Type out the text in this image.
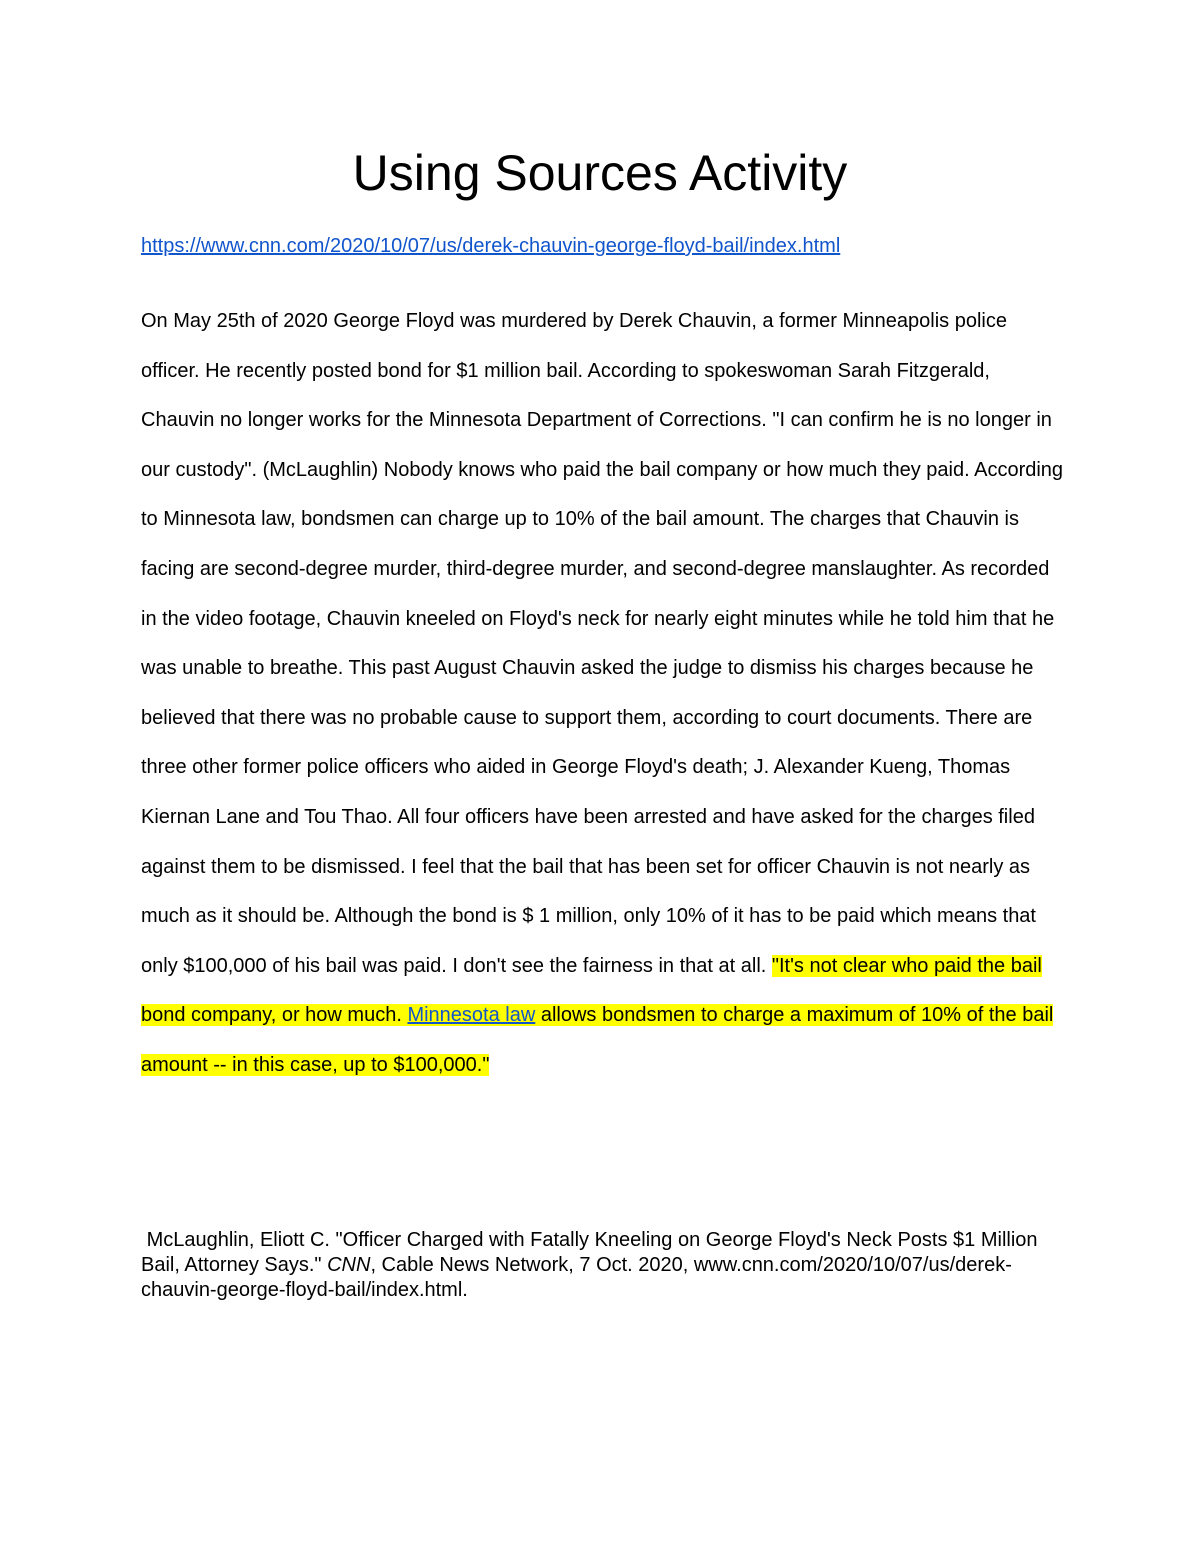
Using Sources Activity
https://www.cnn.com/2020/10/07/us/derek-chauvin-george-floyd-bail/index.html

On May 25th of 2020 George Floyd was murdered by Derek Chauvin, a former Minneapolis police officer. He recently posted bond for $1 million bail. According to spokeswoman Sarah Fitzgerald, Chauvin no longer works for the Minnesota Department of Corrections. "I can confirm he is no longer in our custody". (McLaughlin) Nobody knows who paid the bail company or how much they paid. According to Minnesota law, bondsmen can charge up to 10% of the bail amount. The charges that Chauvin is facing are second-degree murder, third-degree murder, and second-degree manslaughter. As recorded in the video footage, Chauvin kneeled on Floyd's neck for nearly eight minutes while he told him that he was unable to breathe. This past August Chauvin asked the judge to dismiss his charges because he believed that there was no probable cause to support them, according to court documents. There are three other former police officers who aided in George Floyd's death; J. Alexander Kueng, Thomas Kiernan Lane and Tou Thao. All four officers have been arrested and have asked for the charges filed against them to be dismissed. I feel that the bail that has been set for officer Chauvin is not nearly as much as it should be. Although the bond is $ 1 million, only 10% of it has to be paid which means that only $100,000 of his bail was paid. I don't see the fairness in that at all. "It's not clear who paid the bail bond company, or how much. Minnesota law allows bondsmen to charge a maximum of 10% of the bail amount -- in this case, up to $100,000."

McLaughlin, Eliott C. "Officer Charged with Fatally Kneeling on George Floyd's Neck Posts $1 Million Bail, Attorney Says." CNN, Cable News Network, 7 Oct. 2020, www.cnn.com/2020/10/07/us/derek-chauvin-george-floyd-bail/index.html.
